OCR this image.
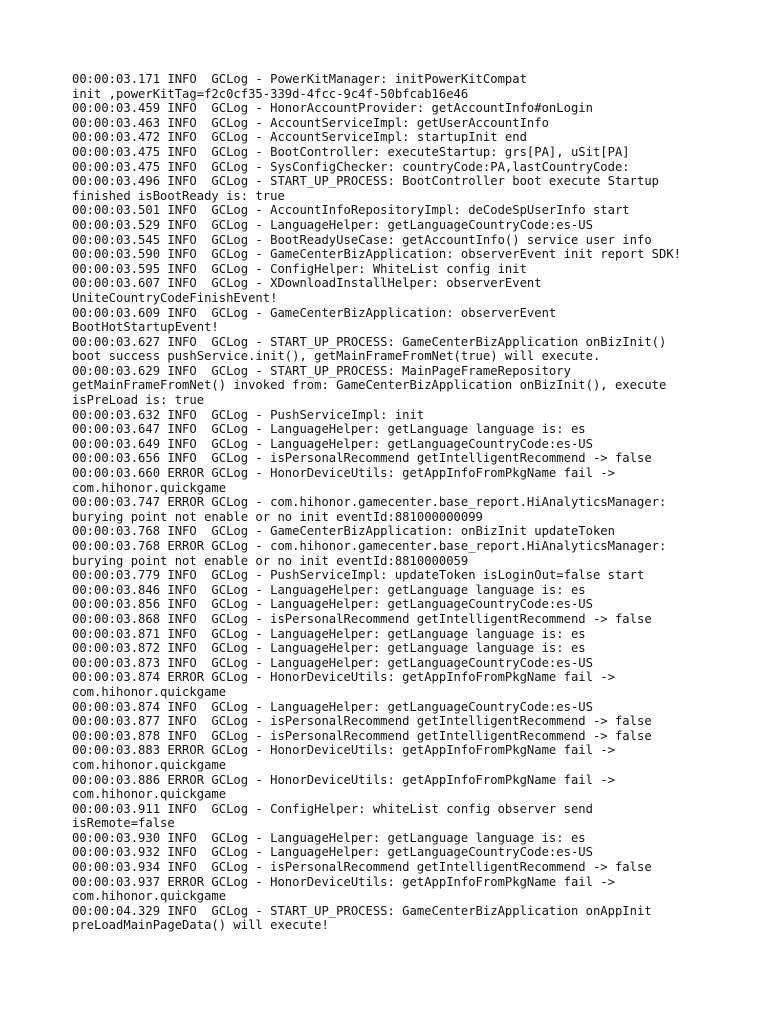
00:00:03.171 INFO  GCLog - PowerKitManager: initPowerKitCompat
init ,powerKitTag=f2c0cf35-339d-4fcc-9c4f-50bfcab16e46
00:00:03.459 INFO  GCLog - HonorAccountProvider: getAccountInfo#onLogin
00:00:03.463 INFO  GCLog - AccountServiceImpl: getUserAccountInfo
00:00:03.472 INFO  GCLog - AccountServiceImpl: startupInit end
00:00:03.475 INFO  GCLog - BootController: executeStartup: grs[PA], uSit[PA]
00:00:03.475 INFO  GCLog - SysConfigChecker: countryCode:PA,lastCountryCode:
00:00:03.496 INFO  GCLog - START_UP_PROCESS: BootController boot execute Startup
finished isBootReady is: true
00:00:03.501 INFO  GCLog - AccountInfoRepositoryImpl: deCodeSpUserInfo start
00:00:03.529 INFO  GCLog - LanguageHelper: getLanguageCountryCode:es-US
00:00:03.545 INFO  GCLog - BootReadyUseCase: getAccountInfo() service user info
00:00:03.590 INFO  GCLog - GameCenterBizApplication: observerEvent init report SDK!
00:00:03.595 INFO  GCLog - ConfigHelper: WhiteList config init
00:00:03.607 INFO  GCLog - XDownloadInstallHelper: observerEvent
UniteCountryCodeFinishEvent!
00:00:03.609 INFO  GCLog - GameCenterBizApplication: observerEvent
BootHotStartupEvent!
00:00:03.627 INFO  GCLog - START_UP_PROCESS: GameCenterBizApplication onBizInit()
boot success pushService.init(), getMainFrameFromNet(true) will execute.
00:00:03.629 INFO  GCLog - START_UP_PROCESS: MainPageFrameRepository
getMainFrameFromNet() invoked from: GameCenterBizApplication onBizInit(), execute
isPreLoad is: true
00:00:03.632 INFO  GCLog - PushServiceImpl: init
00:00:03.647 INFO  GCLog - LanguageHelper: getLanguage language is: es
00:00:03.649 INFO  GCLog - LanguageHelper: getLanguageCountryCode:es-US
00:00:03.656 INFO  GCLog - isPersonalRecommend getIntelligentRecommend -> false
00:00:03.660 ERROR GCLog - HonorDeviceUtils: getAppInfoFromPkgName fail ->
com.hihonor.quickgame
00:00:03.747 ERROR GCLog - com.hihonor.gamecenter.base_report.HiAnalyticsManager:
burying point not enable or no init eventId:881000000099
00:00:03.768 INFO  GCLog - GameCenterBizApplication: onBizInit updateToken
00:00:03.768 ERROR GCLog - com.hihonor.gamecenter.base_report.HiAnalyticsManager:
burying point not enable or no init eventId:8810000059
00:00:03.779 INFO  GCLog - PushServiceImpl: updateToken isLoginOut=false start
00:00:03.846 INFO  GCLog - LanguageHelper: getLanguage language is: es
00:00:03.856 INFO  GCLog - LanguageHelper: getLanguageCountryCode:es-US
00:00:03.868 INFO  GCLog - isPersonalRecommend getIntelligentRecommend -> false
00:00:03.871 INFO  GCLog - LanguageHelper: getLanguage language is: es
00:00:03.872 INFO  GCLog - LanguageHelper: getLanguage language is: es
00:00:03.873 INFO  GCLog - LanguageHelper: getLanguageCountryCode:es-US
00:00:03.874 ERROR GCLog - HonorDeviceUtils: getAppInfoFromPkgName fail ->
com.hihonor.quickgame
00:00:03.874 INFO  GCLog - LanguageHelper: getLanguageCountryCode:es-US
00:00:03.877 INFO  GCLog - isPersonalRecommend getIntelligentRecommend -> false
00:00:03.878 INFO  GCLog - isPersonalRecommend getIntelligentRecommend -> false
00:00:03.883 ERROR GCLog - HonorDeviceUtils: getAppInfoFromPkgName fail ->
com.hihonor.quickgame
00:00:03.886 ERROR GCLog - HonorDeviceUtils: getAppInfoFromPkgName fail ->
com.hihonor.quickgame
00:00:03.911 INFO  GCLog - ConfigHelper: whiteList config observer send
isRemote=false
00:00:03.930 INFO  GCLog - LanguageHelper: getLanguage language is: es
00:00:03.932 INFO  GCLog - LanguageHelper: getLanguageCountryCode:es-US
00:00:03.934 INFO  GCLog - isPersonalRecommend getIntelligentRecommend -> false
00:00:03.937 ERROR GCLog - HonorDeviceUtils: getAppInfoFromPkgName fail ->
com.hihonor.quickgame
00:00:04.329 INFO  GCLog - START_UP_PROCESS: GameCenterBizApplication onAppInit
preLoadMainPageData() will execute!
